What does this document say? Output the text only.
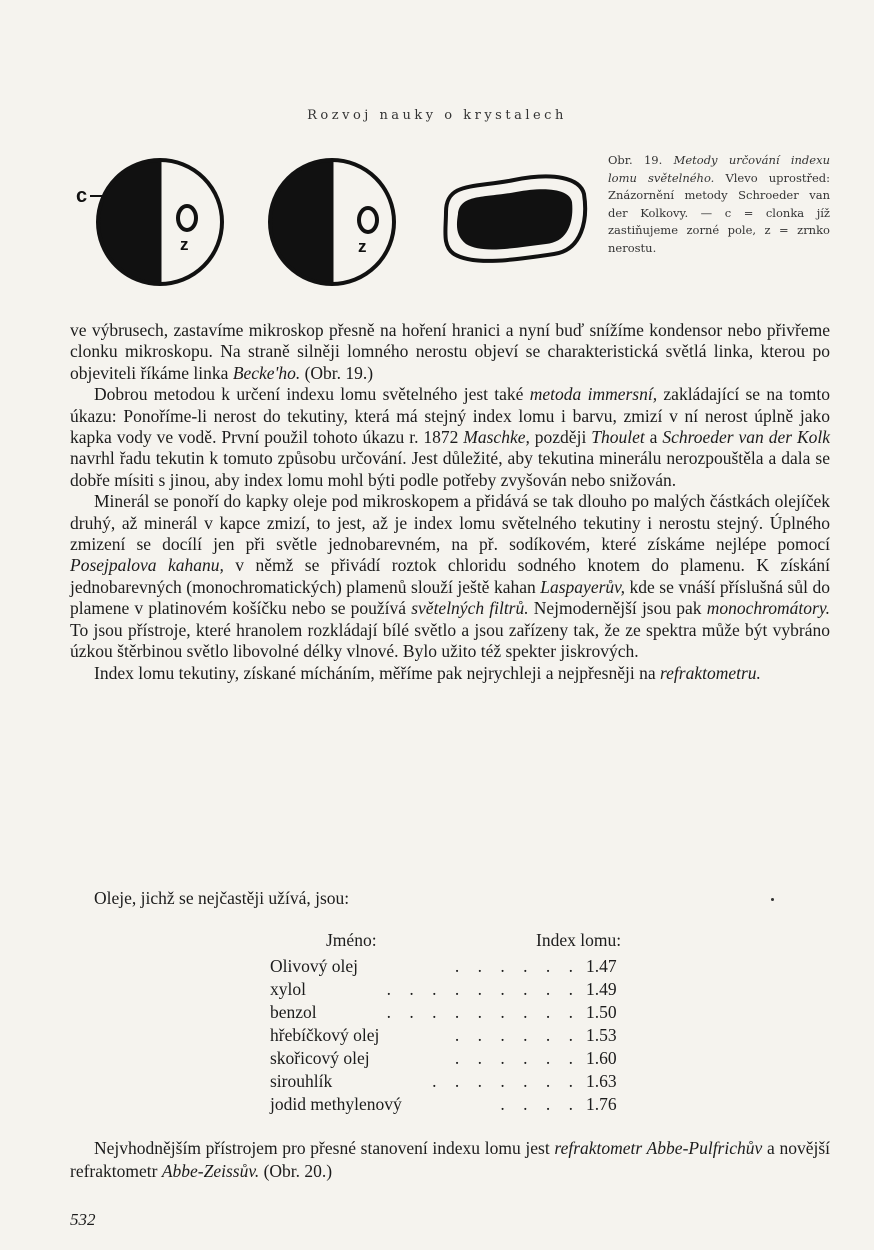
Rozvoj nauky o krystalech
c
z	z
Obr. 19. Metody určování indexu lomu světelného. Vlevo uprostřed: Znázornění metody Schroeder van der Kolkovy. — c = clonka jíž zastiňujeme zorné pole, z = zrnko nerostu.

ve výbrusech, zastavíme mikroskop přesně na hoření hranici a nyní buď snížíme kondensor nebo přivřeme clonku mikroskopu. Na straně silněji lomného nerostu objeví se charakteristická světlá linka, kterou po objeviteli říkáme linka Becke'ho. (Obr. 19.)

Dobrou metodou k určení indexu lomu světelného jest také metoda immersní, zakládající se na tomto úkazu: Ponoříme-li nerost do tekutiny, která má stejný index lomu i barvu, zmizí v ní nerost úplně jako kapka vody ve vodě. První použil tohoto úkazu r. 1872 Maschke, později Thoulet a Schroeder van der Kolk navrhl řadu tekutin k tomuto způsobu určování. Jest důležité, aby tekutina minerálu nerozpouštěla a dala se dobře mísiti s jinou, aby index lomu mohl býti podle potřeby zvyšován nebo snižován.

Minerál se ponoří do kapky oleje pod mikroskopem a přidává se tak dlouho po malých částkách olejíček druhý, až minerál v kapce zmizí, to jest, až je index lomu světelného tekutiny i nerostu stejný. Úplného zmizení se docílí jen při světle jednobarevném, na př. sodíkovém, které získáme nejlépe pomocí Posejpalova kahanu, v němž se přivádí roztok chloridu sodného knotem do plamenu. K získání jednobarevných (monochromatických) plamenů slouží ještě kahan Laspayerův, kde se vnáší příslušná sůl do plamene v platinovém košíčku nebo se používá světelných filtrů. Nejmodernější jsou pak monochromátory. To jsou přístroje, které hranolem rozkládají bílé světlo a jsou zařízeny tak, že ze spektra může být vybráno úzkou štěrbinou světlo libovolné délky vlnové. Bylo užito též spekter jiskrových.

Index lomu tekutiny, získané mícháním, měříme pak nejrychleji a nejpřesněji na refraktometru.

Oleje, jichž se nejčastěji užívá, jsou:
Jméno:	Index lomu:
Olivový olej	. . . . . . 1.47
xylol	. . . . . . . . . 1.49
benzol	. . . . . . . . . 1.50
hřebíčkový olej	. . . . . . 1.53
skořicový olej	. . . . . . 1.60
sirouhlík	. . . . . . . 1.63
jodid methylenový	. . . . 1.76
Nejvhodnějším přístrojem pro přesné stanovení indexu lomu jest refraktometr Abbe-Pulfrichův a novější refraktometr Abbe-Zeissův. (Obr. 20.)
532
